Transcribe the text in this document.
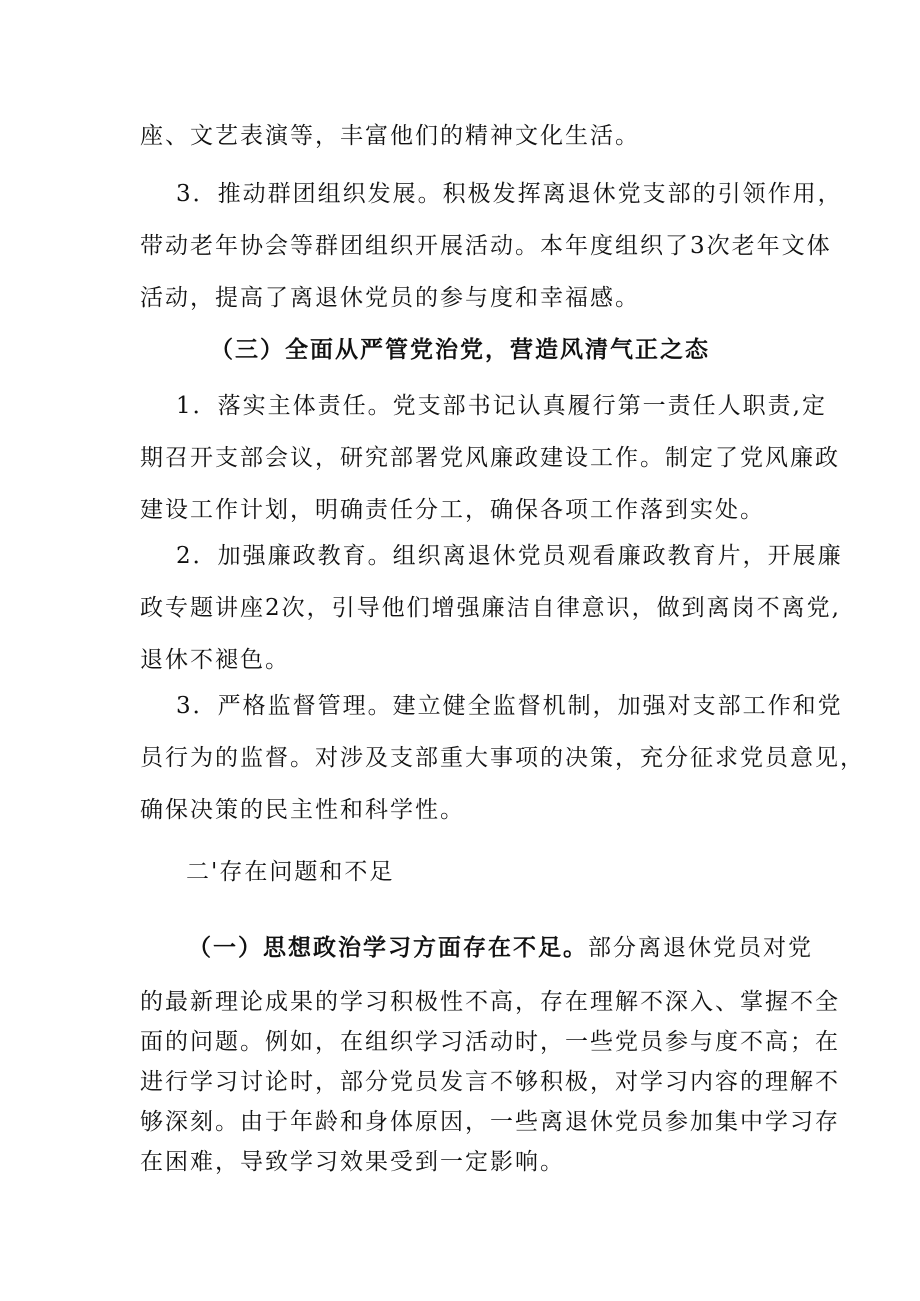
座、文艺表演等，丰富他们的精神文化生活。
3．推动群团组织发展。积极发挥离退休党支部的引领作用，
带动老年协会等群团组织开展活动。本年度组织了3次老年文体
活动，提高了离退休党员的参与度和幸福感。
（三）全面从严管党治党，营造风清气正之态
1．落实主体责任。党支部书记认真履行第一责任人职责,定
期召开支部会议，研究部署党风廉政建设工作。制定了党风廉政
建设工作计划，明确责任分工，确保各项工作落到实处。
2．加强廉政教育。组织离退休党员观看廉政教育片，开展廉
政专题讲座2次，引导他们增强廉洁自律意识，做到离岗不离党,
退休不褪色。
3．严格监督管理。建立健全监督机制，加强对支部工作和党
员行为的监督。对涉及支部重大事项的决策，充分征求党员意见，
确保决策的民主性和科学性。
二'存在问题和不足
（一）思想政治学习方面存在不足。部分离退休党员对党
的最新理论成果的学习积极性不高，存在理解不深入、掌握不全
面的问题。例如，在组织学习活动时，一些党员参与度不高；在
进行学习讨论时，部分党员发言不够积极，对学习内容的理解不
够深刻。由于年龄和身体原因，一些离退休党员参加集中学习存
在困难，导致学习效果受到一定影响。
